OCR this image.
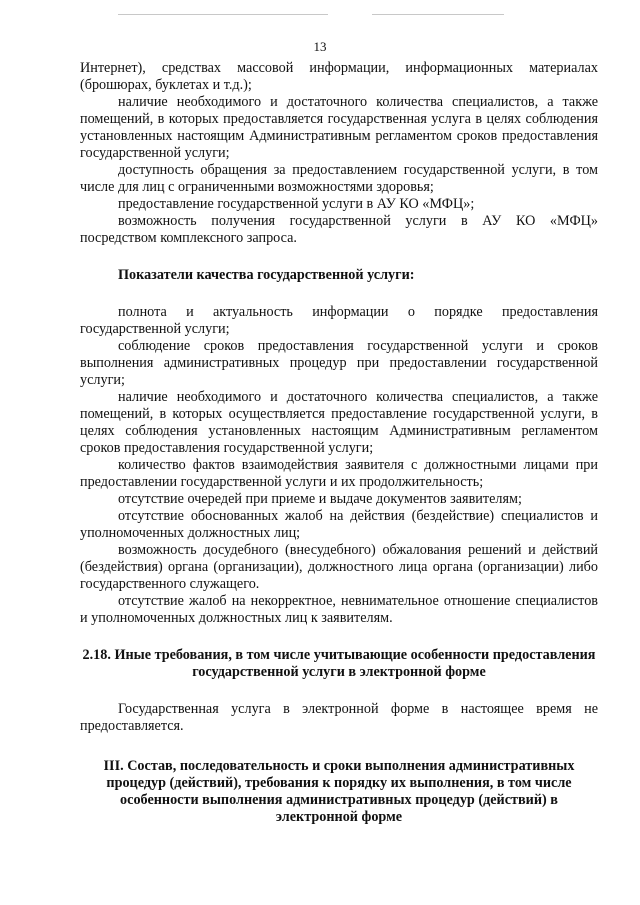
13

Интернет), средствах массовой информации, информационных материалах (брошюрах, буклетах и т.д.);

наличие необходимого и достаточного количества специалистов, а также помещений, в которых предоставляется государственная услуга в целях соблюдения установленных настоящим Административным регламентом сроков предоставления государственной услуги;

доступность обращения за предоставлением государственной услуги, в том числе для лиц с ограниченными возможностями здоровья;

предоставление государственной услуги в АУ КО «МФЦ»;

возможность получения государственной услуги в АУ КО «МФЦ» посредством комплексного запроса.

Показатели качества государственной услуги:

полнота и актуальность информации о порядке предоставления государственной услуги;

соблюдение сроков предоставления государственной услуги и сроков выполнения административных процедур при предоставлении государственной услуги;

наличие необходимого и достаточного количества специалистов, а также помещений, в которых осуществляется предоставление государственной услуги, в целях соблюдения установленных настоящим Административным регламентом сроков предоставления государственной услуги;

количество фактов взаимодействия заявителя с должностными лицами при предоставлении государственной услуги и их продолжительность;

отсутствие очередей при приеме и выдаче документов заявителям;

отсутствие обоснованных жалоб на действия (бездействие) специалистов и уполномоченных должностных лиц;

возможность досудебного (внесудебного) обжалования решений и действий (бездействия) органа (организации), должностного лица органа (организации) либо государственного служащего.

отсутствие жалоб на некорректное, невнимательное отношение специалистов и уполномоченных должностных лиц к заявителям.

2.18. Иные требования, в том числе учитывающие особенности предоставления государственной услуги в электронной форме

Государственная услуга в электронной форме в настоящее время не предоставляется.

III. Состав, последовательность и сроки выполнения административных процедур (действий), требования к порядку их выполнения, в том числе особенности выполнения административных процедур (действий) в электронной форме
